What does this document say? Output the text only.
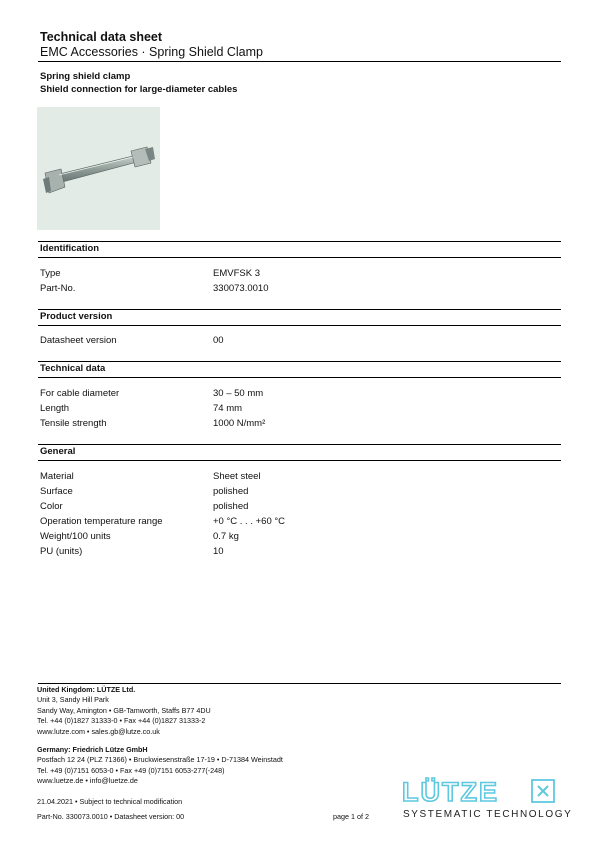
Technical data sheet
EMC Accessories · Spring Shield Clamp
Spring shield clamp
Shield connection for large-diameter cables
Identification
Type	EMVFSK 3
Part-No.	330073.0010
Product version
Datasheet version	00
Technical data
For cable diameter	30 – 50 mm
Length	74 mm
Tensile strength	1000 N/mm²
General
Material	Sheet steel
Surface	polished
Color	polished
Operation temperature range	+0 °C . . . +60 °C
Weight/100 units	0.7 kg
PU (units)	10
United Kingdom: LÜTZE Ltd.
Unit 3, Sandy Hill Park
Sandy Way, Amington • GB-Tamworth, Staffs B77 4DU
Tel. +44 (0)1827 31333-0 • Fax +44 (0)1827 31333-2
www.lutze.com • sales.gb@lutze.co.uk
Germany: Friedrich Lütze GmbH
Postfach 12 24 (PLZ 71366) • Bruckwiesenstraße 17-19 • D-71384 Weinstadt
Tel. +49 (0)7151 6053-0 • Fax +49 (0)7151 6053-277(-248)
www.luetze.de • info@luetze.de
21.04.2021 • Subject to technical modification
Part-No. 330073.0010 • Datasheet version: 00	page 1 of 2
LÜTZE
SYSTEMATIC TECHNOLOGY
